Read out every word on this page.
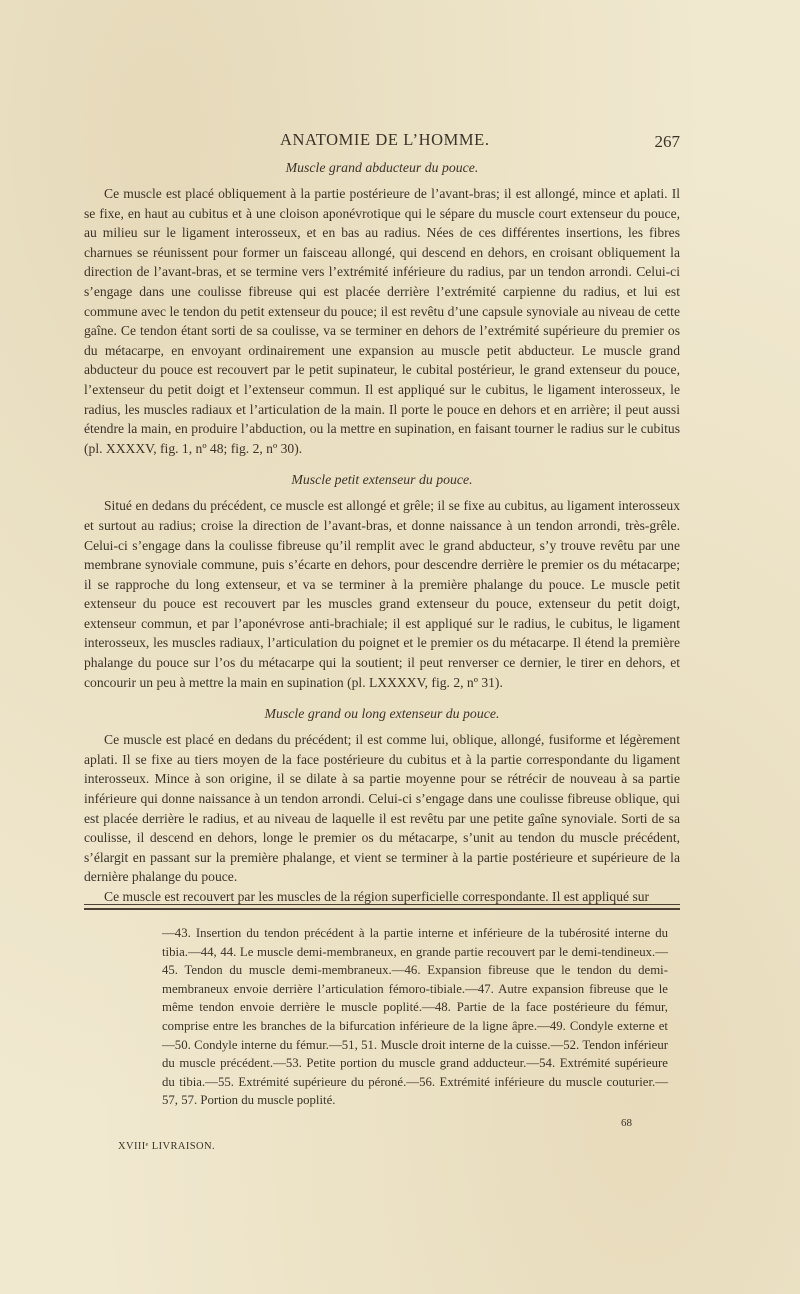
ANATOMIE DE L’HOMME.	267

Muscle grand abducteur du pouce.

Ce muscle est placé obliquement à la partie postérieure de l’avant-bras; il est allongé, mince et aplati. Il se fixe, en haut au cubitus et à une cloison aponévrotique qui le sépare du muscle court extenseur du pouce, au milieu sur le ligament interosseux, et en bas au radius. Nées de ces différentes insertions, les fibres charnues se réunissent pour former un faisceau allongé, qui descend en dehors, en croisant obliquement la direction de l’avant-bras, et se termine vers l’extrémité inférieure du radius, par un tendon arrondi. Celui-ci s’engage dans une coulisse fibreuse qui est placée derrière l’extrémité carpienne du radius, et lui est commune avec le tendon du petit extenseur du pouce; il est revêtu d’une capsule synoviale au niveau de cette gaîne. Ce tendon étant sorti de sa coulisse, va se terminer en dehors de l’extrémité supérieure du premier os du métacarpe, en envoyant ordinairement une expansion au muscle petit abducteur. Le muscle grand abducteur du pouce est recouvert par le petit supinateur, le cubital postérieur, le grand extenseur du pouce, l’extenseur du petit doigt et l’extenseur commun. Il est appliqué sur le cubitus, le ligament interosseux, le radius, les muscles radiaux et l’articulation de la main. Il porte le pouce en dehors et en arrière; il peut aussi étendre la main, en produire l’abduction, ou la mettre en supination, en faisant tourner le radius sur le cubitus (pl. XXXXV, fig. 1, nº 48; fig. 2, nº 30).

Muscle petit extenseur du pouce.

Situé en dedans du précédent, ce muscle est allongé et grêle; il se fixe au cubitus, au ligament interosseux et surtout au radius; croise la direction de l’avant-bras, et donne naissance à un tendon arrondi, très-grêle. Celui-ci s’engage dans la coulisse fibreuse qu’il remplit avec le grand abducteur, s’y trouve revêtu par une membrane synoviale commune, puis s’écarte en dehors, pour descendre derrière le premier os du métacarpe; il se rapproche du long extenseur, et va se terminer à la première phalange du pouce. Le muscle petit extenseur du pouce est recouvert par les muscles grand extenseur du pouce, extenseur du petit doigt, extenseur commun, et par l’aponévrose anti-brachiale; il est appliqué sur le radius, le cubitus, le ligament interosseux, les muscles radiaux, l’articulation du poignet et le premier os du métacarpe. Il étend la première phalange du pouce sur l’os du métacarpe qui la soutient; il peut renverser ce dernier, le tirer en dehors, et concourir un peu à mettre la main en supination (pl. LXXXXV, fig. 2, nº 31).

Muscle grand ou long extenseur du pouce.

Ce muscle est placé en dedans du précédent; il est comme lui, oblique, allongé, fusiforme et légèrement aplati. Il se fixe au tiers moyen de la face postérieure du cubitus et à la partie correspondante du ligament interosseux. Mince à son origine, il se dilate à sa partie moyenne pour se rétrécir de nouveau à sa partie inférieure qui donne naissance à un tendon arrondi. Celui-ci s’engage dans une coulisse fibreuse oblique, qui est placée derrière le radius, et au niveau de laquelle il est revêtu par une petite gaîne synoviale. Sorti de sa coulisse, il descend en dehors, longe le premier os du métacarpe, s’unit au tendon du muscle précédent, s’élargit en passant sur la première phalange, et vient se terminer à la partie postérieure et supérieure de la dernière phalange du pouce.

Ce muscle est recouvert par les muscles de la région superficielle correspondante. Il est appliqué sur

—43. Insertion du tendon précédent à la partie interne et inférieure de la tubérosité interne du tibia.—44, 44. Le muscle demi-membraneux, en grande partie recouvert par le demi-tendineux.—45. Tendon du muscle demi-membraneux.—46. Expansion fibreuse que le tendon du demi-membraneux envoie derrière l’articulation fémoro-tibiale.—47. Autre expansion fibreuse que le même tendon envoie derrière le muscle poplité.—48. Partie de la face postérieure du fémur, comprise entre les branches de la bifurcation inférieure de la ligne âpre.—49. Condyle externe et—50. Condyle interne du fémur.—51, 51. Muscle droit interne de la cuisse.—52. Tendon inférieur du muscle précédent.—53. Petite portion du muscle grand adducteur.—54. Extrémité supérieure du tibia.—55. Extrémité supérieure du péroné.—56. Extrémité inférieure du muscle couturier.—57, 57. Portion du muscle poplité.

68
XVIIIᵉ LIVRAISON.
